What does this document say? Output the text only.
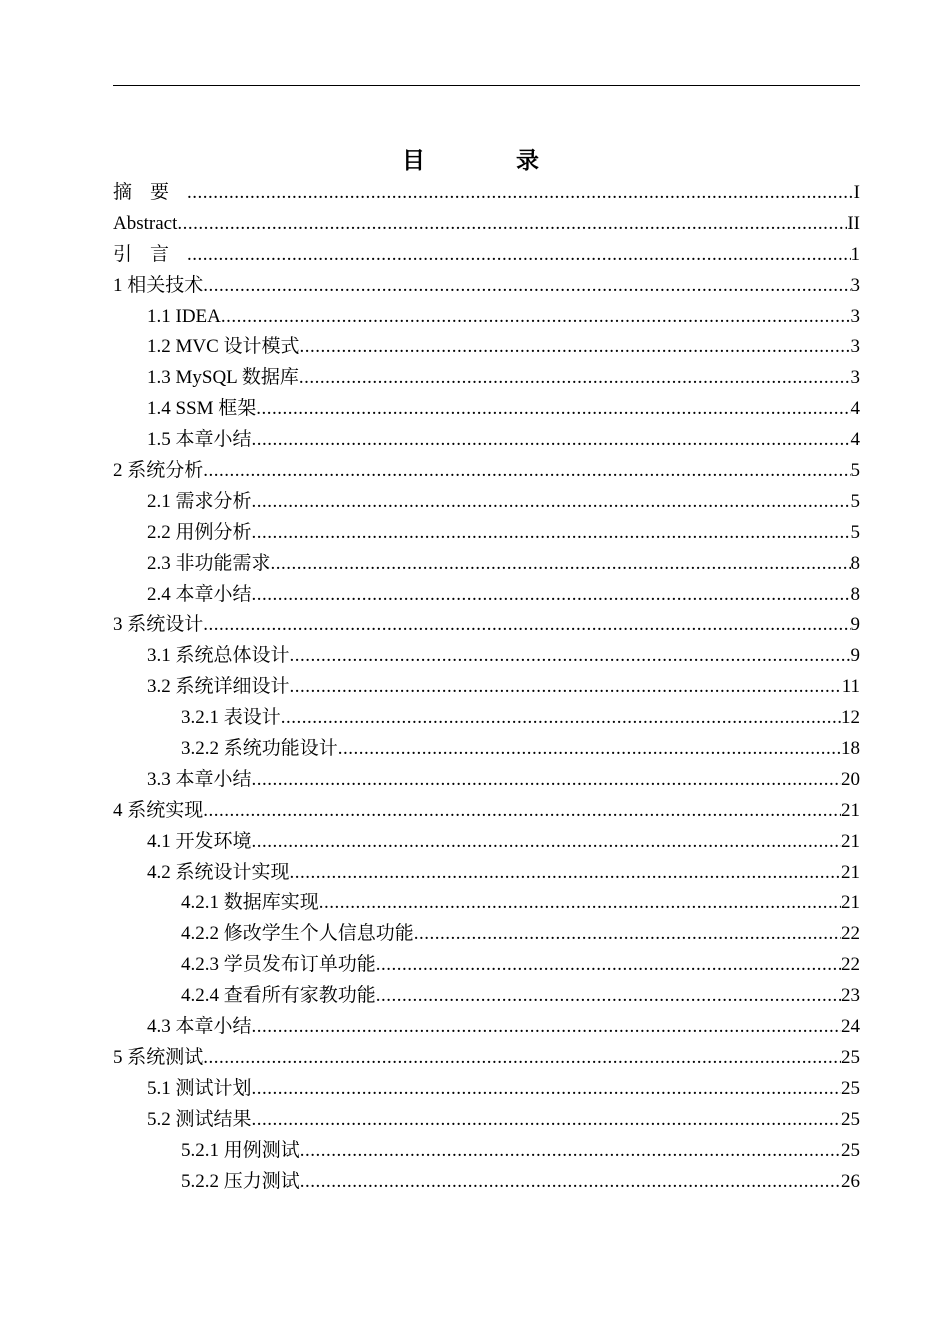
目　录
摘要 .....	I
Abstract .....	II
引言 .....	1
1 相关技术 .....	3
1.1 IDEA .....	3
1.2 MVC 设计模式 .....	3
1.3 MySQL 数据库 .....	3
1.4 SSM 框架 .....	4
1.5 本章小结 .....	4
2 系统分析 .....	5
2.1 需求分析 .....	5
2.2 用例分析 .....	5
2.3 非功能需求 .....	8
2.4 本章小结 .....	8
3 系统设计 .....	9
3.1 系统总体设计 .....	9
3.2 系统详细设计 .....	11
3.2.1 表设计 .....	12
3.2.2 系统功能设计 .....	18
3.3 本章小结 .....	20
4 系统实现 .....	21
4.1 开发环境 .....	21
4.2 系统设计实现 .....	21
4.2.1 数据库实现 .....	21
4.2.2 修改学生个人信息功能 .....	22
4.2.3 学员发布订单功能 .....	22
4.2.4 查看所有家教功能 .....	23
4.3 本章小结 .....	24
5 系统测试 .....	25
5.1 测试计划 .....	25
5.2 测试结果 .....	25
5.2.1 用例测试 .....	25
5.2.2 压力测试 .....	26
